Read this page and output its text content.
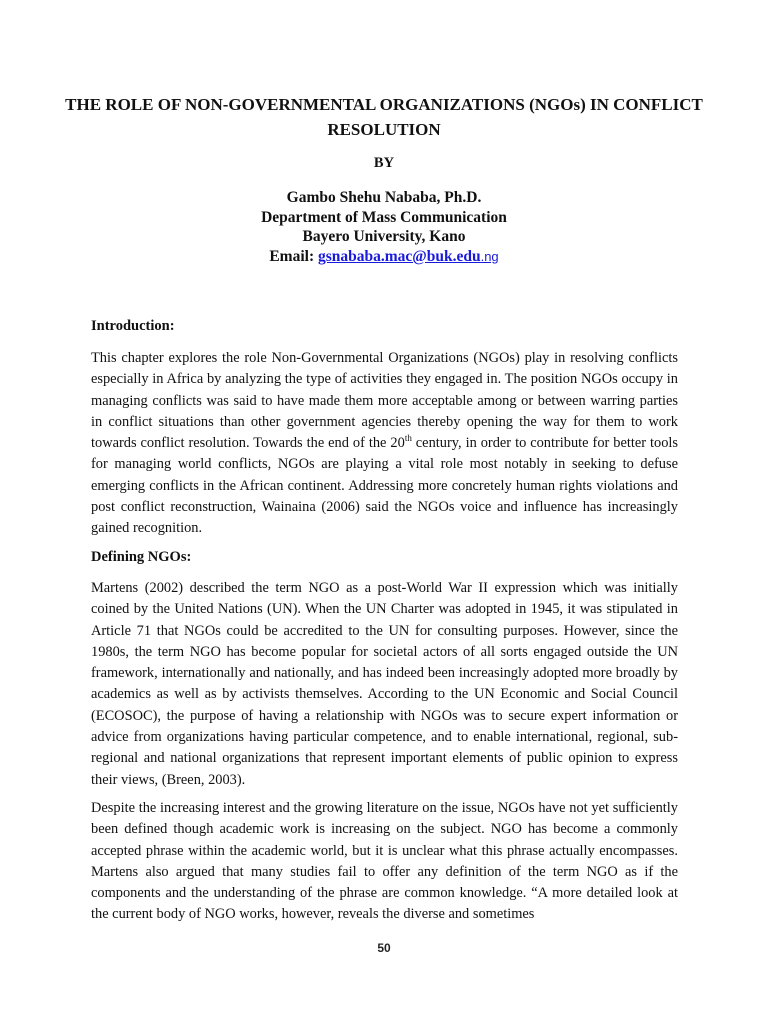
THE ROLE OF NON-GOVERNMENTAL ORGANIZATIONS (NGOs) IN CONFLICT RESOLUTION
BY
Gambo Shehu Nababa, Ph.D.
Department of Mass Communication
Bayero University, Kano
Email: gsnababa.mac@buk.edu.ng
Introduction:

This chapter explores the role Non-Governmental Organizations (NGOs) play in resolving conflicts especially in Africa by analyzing the type of activities they engaged in. The position NGOs occupy in managing conflicts was said to have made them more acceptable among or between warring parties in conflict situations than other government agencies thereby opening the way for them to work towards conflict resolution. Towards the end of the 20th century, in order to contribute for better tools for managing world conflicts, NGOs are playing a vital role most notably in seeking to defuse emerging conflicts in the African continent. Addressing more concretely human rights violations and post conflict reconstruction, Wainaina (2006) said the NGOs voice and influence has increasingly gained recognition.

Defining NGOs:

Martens (2002) described the term NGO as a post-World War II expression which was initially coined by the United Nations (UN). When the UN Charter was adopted in 1945, it was stipulated in Article 71 that NGOs could be accredited to the UN for consulting purposes. However, since the 1980s, the term NGO has become popular for societal actors of all sorts engaged outside the UN framework, internationally and nationally, and has indeed been increasingly adopted more broadly by academics as well as by activists themselves. According to the UN Economic and Social Council (ECOSOC), the purpose of having a relationship with NGOs was to secure expert information or advice from organizations having particular competence, and to enable international, regional, sub-regional and national organizations that represent important elements of public opinion to express their views, (Breen, 2003).

Despite the increasing interest and the growing literature on the issue, NGOs have not yet sufficiently been defined though academic work is increasing on the subject. NGO has become a commonly accepted phrase within the academic world, but it is unclear what this phrase actually encompasses. Martens also argued that many studies fail to offer any definition of the term NGO as if the components and the understanding of the phrase are common knowledge. “A more detailed look at the current body of NGO works, however, reveals the diverse and sometimes

50
